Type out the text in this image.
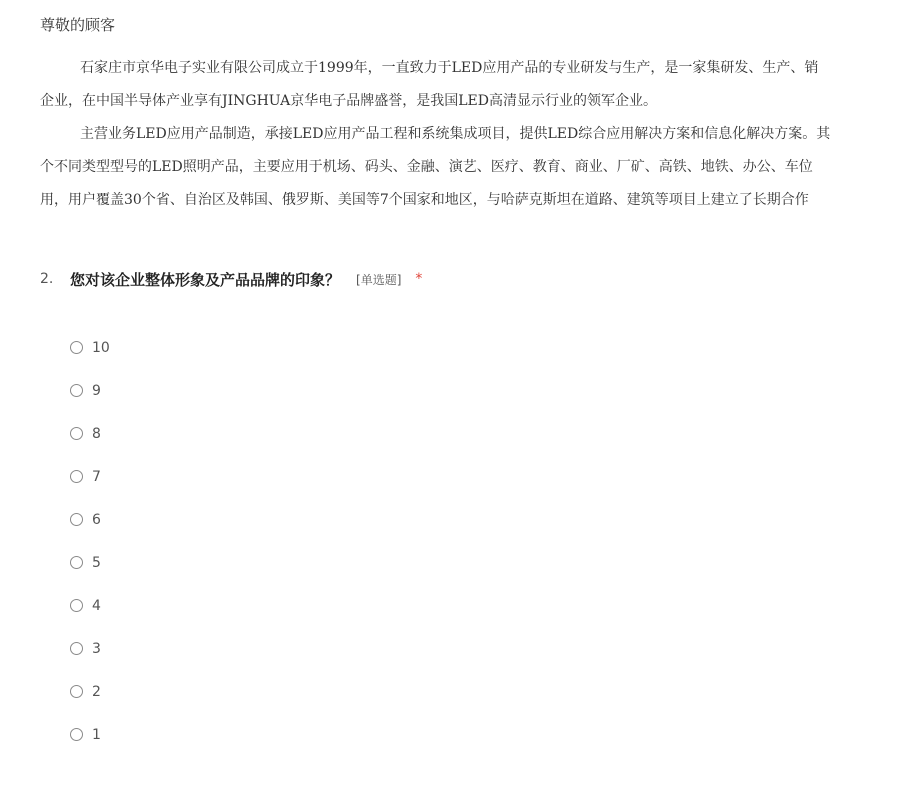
尊敬的顾客
石家庄市京华电子实业有限公司成立于1999年，一直致力于LED应用产品的专业研发与生产，是一家集研发、生产、销
企业，在中国半导体产业享有JINGHUA京华电子品牌盛誉，是我国LED高清显示行业的领军企业。
主营业务LED应用产品制造，承接LED应用产品工程和系统集成项目，提供LED综合应用解决方案和信息化解决方案。其
个不同类型型号的LED照明产品，主要应用于机场、码头、金融、演艺、医疗、教育、商业、厂矿、高铁、地铁、办公、车位
用，用户覆盖30个省、自治区及韩国、俄罗斯、美国等7个国家和地区，与哈萨克斯坦在道路、建筑等项目上建立了长期合作
2.	您对该企业整体形象及产品品牌的印象？ [单选题] *
10
9
8
7
6
5
4
3
2
1
